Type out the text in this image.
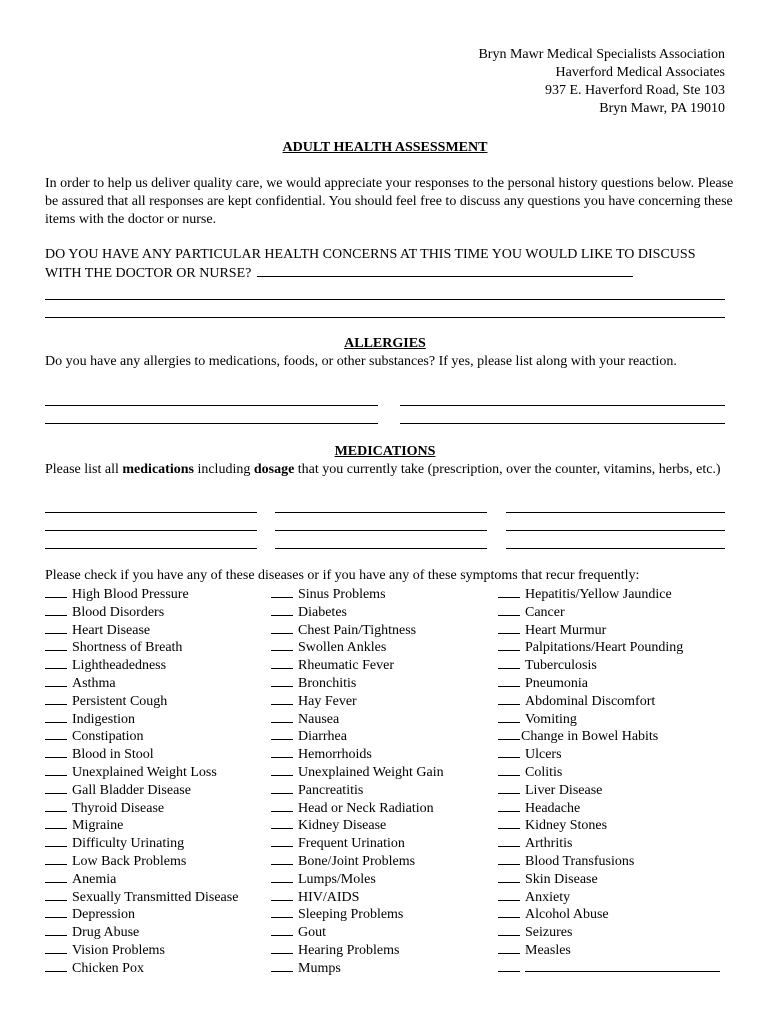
Bryn Mawr Medical Specialists Association
Haverford Medical Associates
937 E. Haverford Road, Ste 103
Bryn Mawr, PA 19010
ADULT HEALTH ASSESSMENT
In order to help us deliver quality care, we would appreciate your responses to the personal history questions below. Please be assured that all responses are kept confidential. You should feel free to discuss any questions you have concerning these items with the doctor or nurse.
DO YOU HAVE ANY PARTICULAR HEALTH CONCERNS AT THIS TIME YOU WOULD LIKE TO DISCUSS WITH THE DOCTOR OR NURSE?
ALLERGIES
Do you have any allergies to medications, foods, or other substances? If yes, please list along with your reaction.
MEDICATIONS
Please list all medications including dosage that you currently take (prescription, over the counter, vitamins, herbs, etc.)
Please check if you have any of these diseases or if you have any of these symptoms that recur frequently:
High Blood Pressure
Blood Disorders
Heart Disease
Shortness of Breath
Lightheadedness
Asthma
Persistent Cough
Indigestion
Constipation
Blood in Stool
Unexplained Weight Loss
Gall Bladder Disease
Thyroid Disease
Migraine
Difficulty Urinating
Low Back Problems
Anemia
Sexually Transmitted Disease
Depression
Drug Abuse
Vision Problems
Chicken Pox
Sinus Problems
Diabetes
Chest Pain/Tightness
Swollen Ankles
Rheumatic Fever
Bronchitis
Hay Fever
Nausea
Diarrhea
Hemorrhoids
Unexplained Weight Gain
Pancreatitis
Head or Neck Radiation
Kidney Disease
Frequent Urination
Bone/Joint Problems
Lumps/Moles
HIV/AIDS
Sleeping Problems
Gout
Hearing Problems
Mumps
Hepatitis/Yellow Jaundice
Cancer
Heart Murmur
Palpitations/Heart Pounding
Tuberculosis
Pneumonia
Abdominal Discomfort
Vomiting
Change in Bowel Habits
Ulcers
Colitis
Liver Disease
Headache
Kidney Stones
Arthritis
Blood Transfusions
Skin Disease
Anxiety
Alcohol Abuse
Seizures
Measles
